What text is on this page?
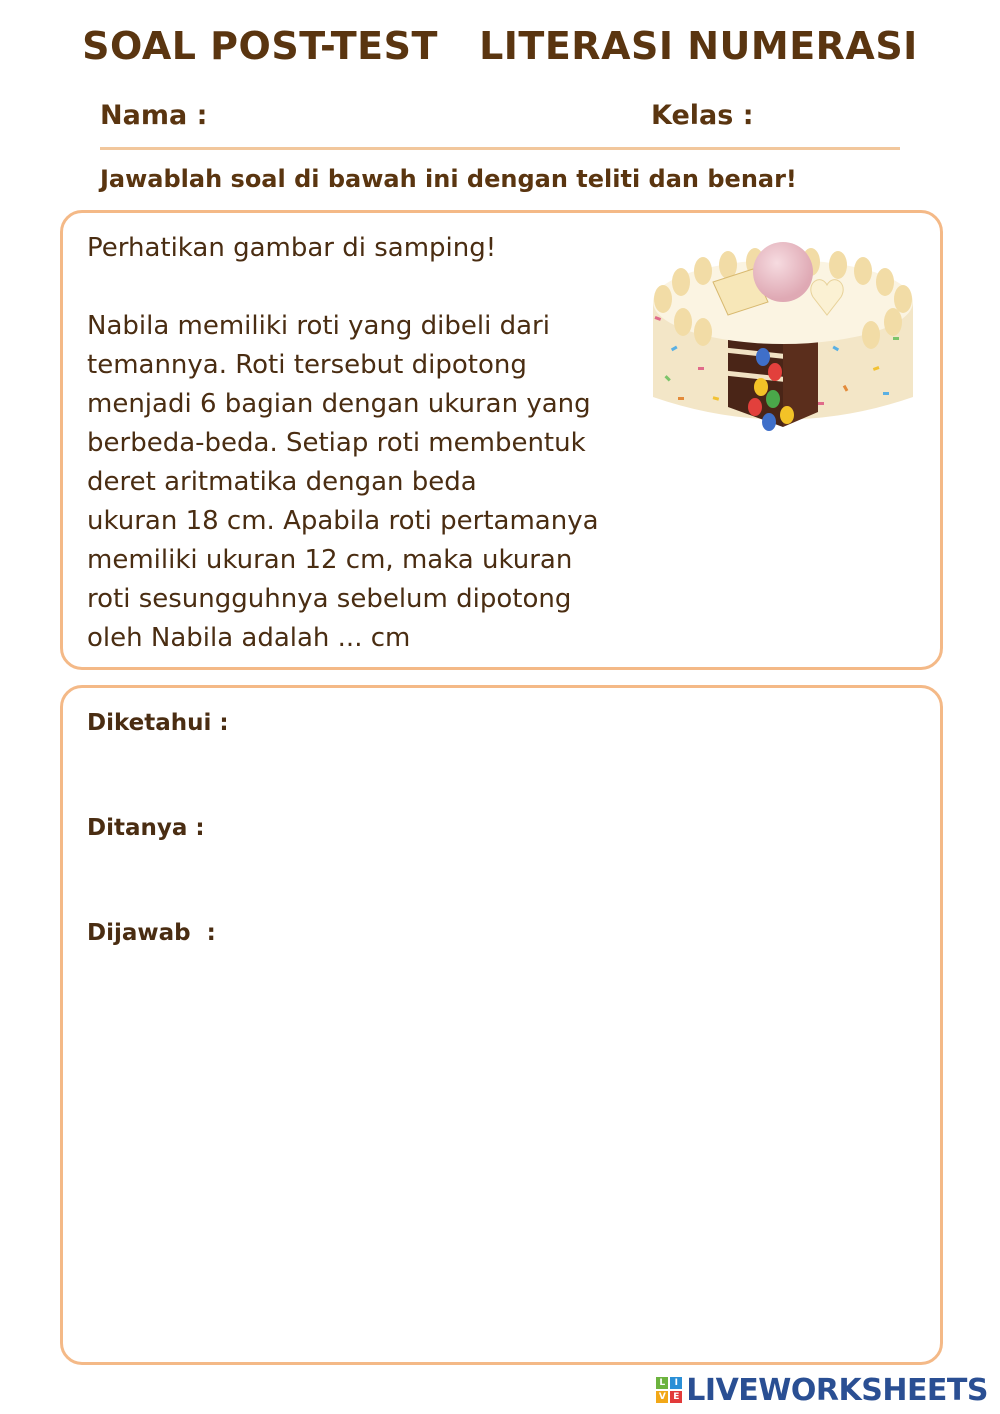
SOAL POST-TEST   LITERASI NUMERASI
Nama :	Kelas :
Jawablah soal di bawah ini dengan teliti dan benar!

Perhatikan gambar di samping!

Nabila memiliki roti yang dibeli dari

temannya. Roti tersebut dipotong

menjadi 6 bagian dengan ukuran yang

berbeda-beda. Setiap roti membentuk

deret aritmatika dengan beda

ukuran 18 cm. Apabila roti pertamanya

memiliki ukuran 12 cm, maka ukuran

roti sesungguhnya sebelum dipotong

oleh Nabila adalah ... cm

Diketahui :
Ditanya :
Dijawab  :
L	I
V E LIVEWORKSHEETS
